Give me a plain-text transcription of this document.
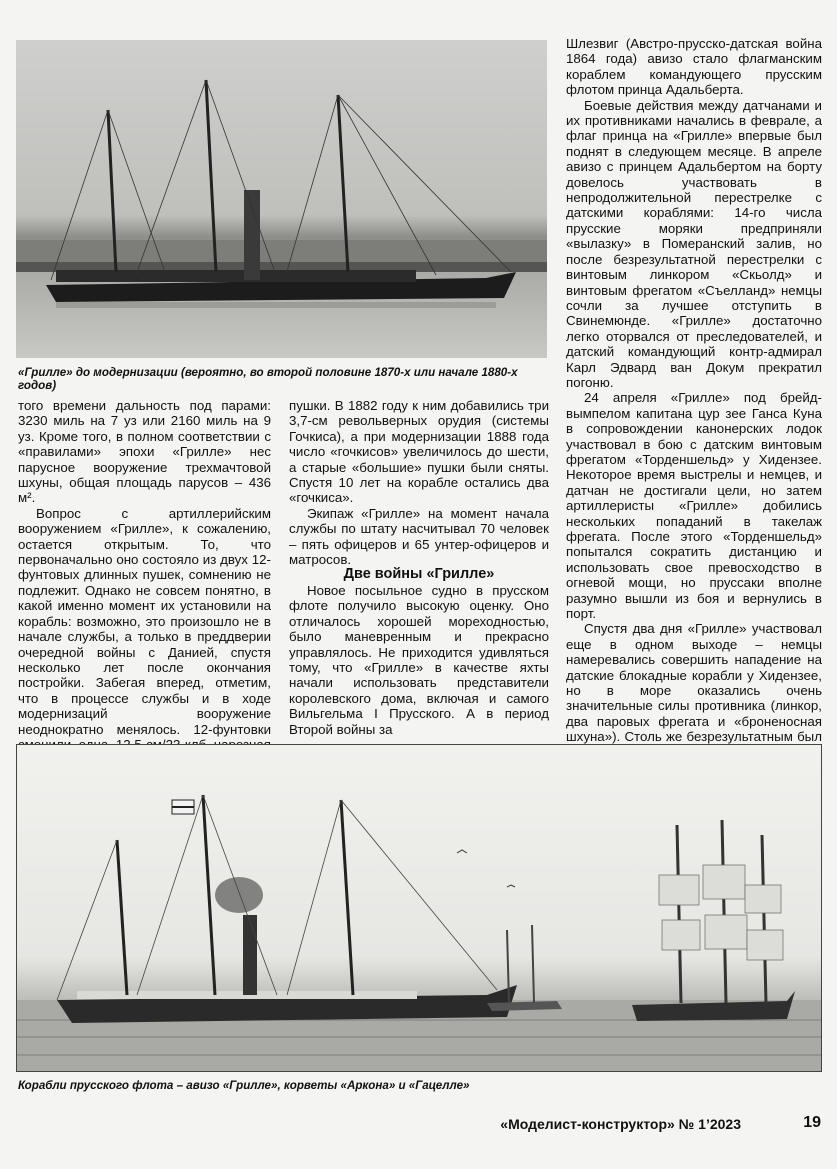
«Грилле» до модернизации (вероятно, во второй половине 1870-х или начале 1880-х годов)

Шлезвиг (Австро-прусско-датская война 1864 года) авизо стало флагманским кораблем командующего прусским флотом принца Адальберта.

Боевые действия между датчанами и их противниками начались в феврале, а флаг принца на «Грилле» впервые был поднят в следующем месяце. В апреле авизо с принцем Адальбертом на борту довелось участвовать в непродолжительной перестрелке с датскими кораблями: 14-го числа прусские моряки предприняли «вылазку» в Померанский залив, но после безрезультатной перестрелки с винтовым линкором «Скьолд» и винтовым фрегатом «Съелланд» немцы сочли за лучшее отступить в Свинемюнде. «Грилле» достаточно легко оторвался от преследователей, и датский командующий контр-адмирал Карл Эдвард ван Докум прекратил погоню.

24 апреля «Грилле» под брейд-вымпелом капитана цур зее Ганса Куна в сопровождении канонерских лодок участвовал в бою с датским винтовым фрегатом «Торденшельд» у Хидензее. Некоторое время выстрелы и немцев, и датчан не достигали цели, но затем артиллеристы «Грилле» добились нескольких попаданий в такелаж фрегата. После этого «Торденшельд» попытался сократить дистанцию и использовать свое превосходство в огневой мощи, но пруссаки вполне разумно вышли из боя и вернулись в порт.

Спустя два дня «Грилле» участвовал еще в одном выходе – немцы намеревались совершить нападение на датские блокадные корабли у Хидензее, но в море оказались очень значительные силы противника (линкор, два паровых фрегата и «броненосная шхуна»). Столь же безрезультатным был

того времени дальность под парами: 3230 миль на 7 уз или 2160 миль на 9 уз. Кроме того, в полном соответствии с «правилами» эпохи «Грилле» нес парусное вооружение трехмачтовой шхуны, общая площадь парусов – 436 м².

Вопрос с артиллерийским вооружением «Грилле», к сожалению, остается открытым. То, что первоначально оно состояло из двух 12-фунтовых длинных пушек, сомнению не подлежит. Однако не совсем понятно, в какой именно момент их установили на корабль: возможно, это произошло не в начале службы, а только в преддверии очередной войны с Данией, спустя несколько лет после окончания постройки. Забегая вперед, отметим, что в процессе службы и в ходе модернизаций вооружение неоднократно менялось. 12-фунтовки

пушки. В 1882 году к ним добавились три 3,7-см револьверных орудия (системы Гочкиса), а при модернизации 1888 года число «гочкисов» увеличилось до шести, а старые «большие» пушки были сняты. Спустя 10 лет на корабле остались два «гочкиса».

Экипаж «Грилле» на момент начала службы по штату насчитывал 70 человек – пять офицеров и 65 унтер-офицеров и матросов.

Две войны «Грилле»

Новое посыльное судно в прусском флоте получило высокую оценку. Оно отличалось хорошей мореходностью, было маневренным и прекрасно управлялось. Не приходится удивляться тому, что «Грилле» в качестве яхты начали использовать представители королевского дома, включая и самого Вильгельма I Прусского. А в период Второй войны за

Корабли прусского флота – авизо «Грилле», корветы «Аркона» и «Гацелле»
«Моделист-конструктор» № 1’2023	19
